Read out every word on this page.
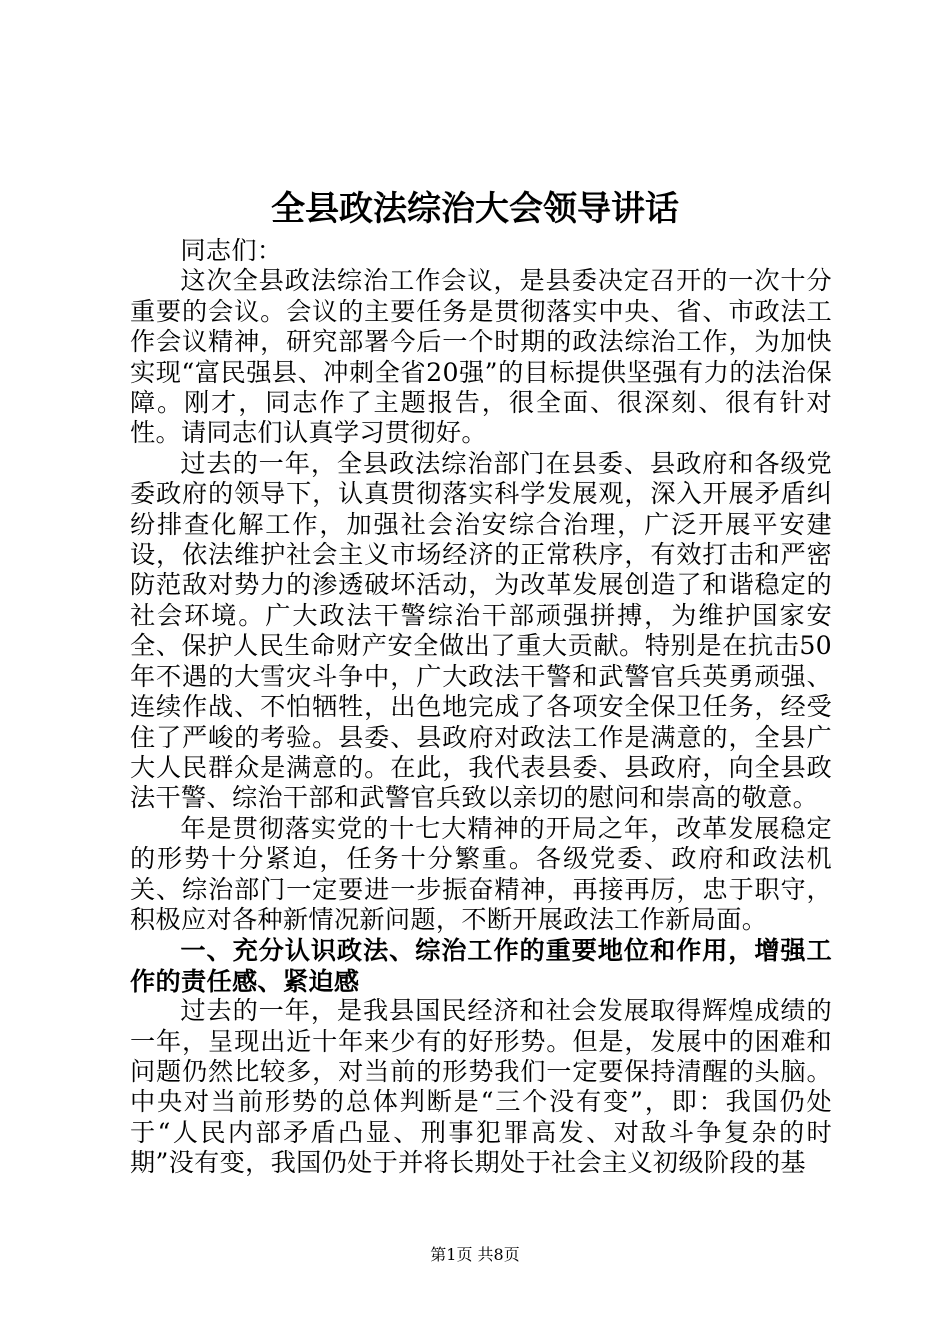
全县政法综治大会领导讲话

同志们：

这次全县政法综治工作会议，是县委决定召开的一次十分重要的会议。会议的主要任务是贯彻落实中央、省、市政法工作会议精神，研究部署今后一个时期的政法综治工作，为加快实现“富民强县、冲刺全省20强”的目标提供坚强有力的法治保障。刚才，同志作了主题报告，很全面、很深刻、很有针对性。请同志们认真学习贯彻好。

过去的一年，全县政法综治部门在县委、县政府和各级党委政府的领导下，认真贯彻落实科学发展观，深入开展矛盾纠纷排查化解工作，加强社会治安综合治理，广泛开展平安建设，依法维护社会主义市场经济的正常秩序，有效打击和严密防范敌对势力的渗透破坏活动，为改革发展创造了和谐稳定的社会环境。广大政法干警综治干部顽强拼搏，为维护国家安全、保护人民生命财产安全做出了重大贡献。特别是在抗击50年不遇的大雪灾斗争中，广大政法干警和武警官兵英勇顽强、连续作战、不怕牺牲，出色地完成了各项安全保卫任务，经受住了严峻的考验。县委、县政府对政法工作是满意的，全县广大人民群众是满意的。在此，我代表县委、县政府，向全县政法干警、综治干部和武警官兵致以亲切的慰问和崇高的敬意。

年是贯彻落实党的十七大精神的开局之年，改革发展稳定的形势十分紧迫，任务十分繁重。各级党委、政府和政法机关、综治部门一定要进一步振奋精神，再接再厉，忠于职守，积极应对各种新情况新问题，不断开展政法工作新局面。

一、充分认识政法、综治工作的重要地位和作用，增强工作的责任感、紧迫感

过去的一年，是我县国民经济和社会发展取得辉煌成绩的一年，呈现出近十年来少有的好形势。但是，发展中的困难和问题仍然比较多，对当前的形势我们一定要保持清醒的头脑。中央对当前形势的总体判断是“三个没有变”，即：我国仍处于“人民内部矛盾凸显、刑事犯罪高发、对敌斗争复杂的时期”没有变，我国仍处于并将长期处于社会主义初级阶段的基

第1页 共8页
